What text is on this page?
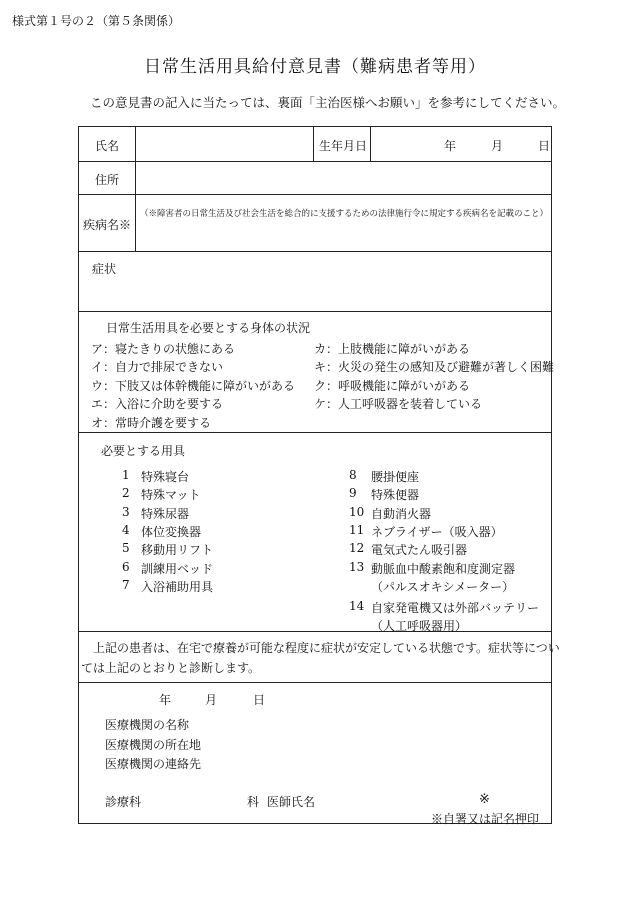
様式第１号の２（第５条関係）
日常生活用具給付意見書（難病患者等用）
この意見書の記入に当たっては、裏面「主治医様へお願い」を参考にしてください。
氏名	生年月日	年	月	日
住所
疾病名※
（※障害者の日常生活及び社会生活を総合的に支援するための法律施行令に規定する疾病名を記載のこと）
症状
日常生活用具を必要とする身体の状況
ア：寝たきりの状態にある
イ：自力で排尿できない
ウ：下肢又は体幹機能に障がいがある
エ：入浴に介助を要する
オ：常時介護を要する
カ：上肢機能に障がいがある
キ：火災の発生の感知及び避難が著しく困難
ク：呼吸機能に障がいがある
ケ：人工呼吸器を装着している
必要とする用具
1 特殊寝台
2 特殊マット
3 特殊尿器
4 体位変換器
5 移動用リフト
6 訓練用ベッド
7 入浴補助用具
8 腰掛便座
9 特殊便器
10 自動消火器
11 ネブライザー（吸入器）
12 電気式たん吸引器
13 動脈血中酸素飽和度測定器
（パルスオキシメーター）
14 自家発電機又は外部バッテリー
（人工呼吸器用）
上記の患者は、在宅で療養が可能な程度に症状が安定している状態です。症状等につい
ては上記のとおりと診断します。
年	月	日
医療機関の名称
医療機関の所在地
医療機関の連絡先
診療科	科 医師氏名	※
※自署又は記名押印
